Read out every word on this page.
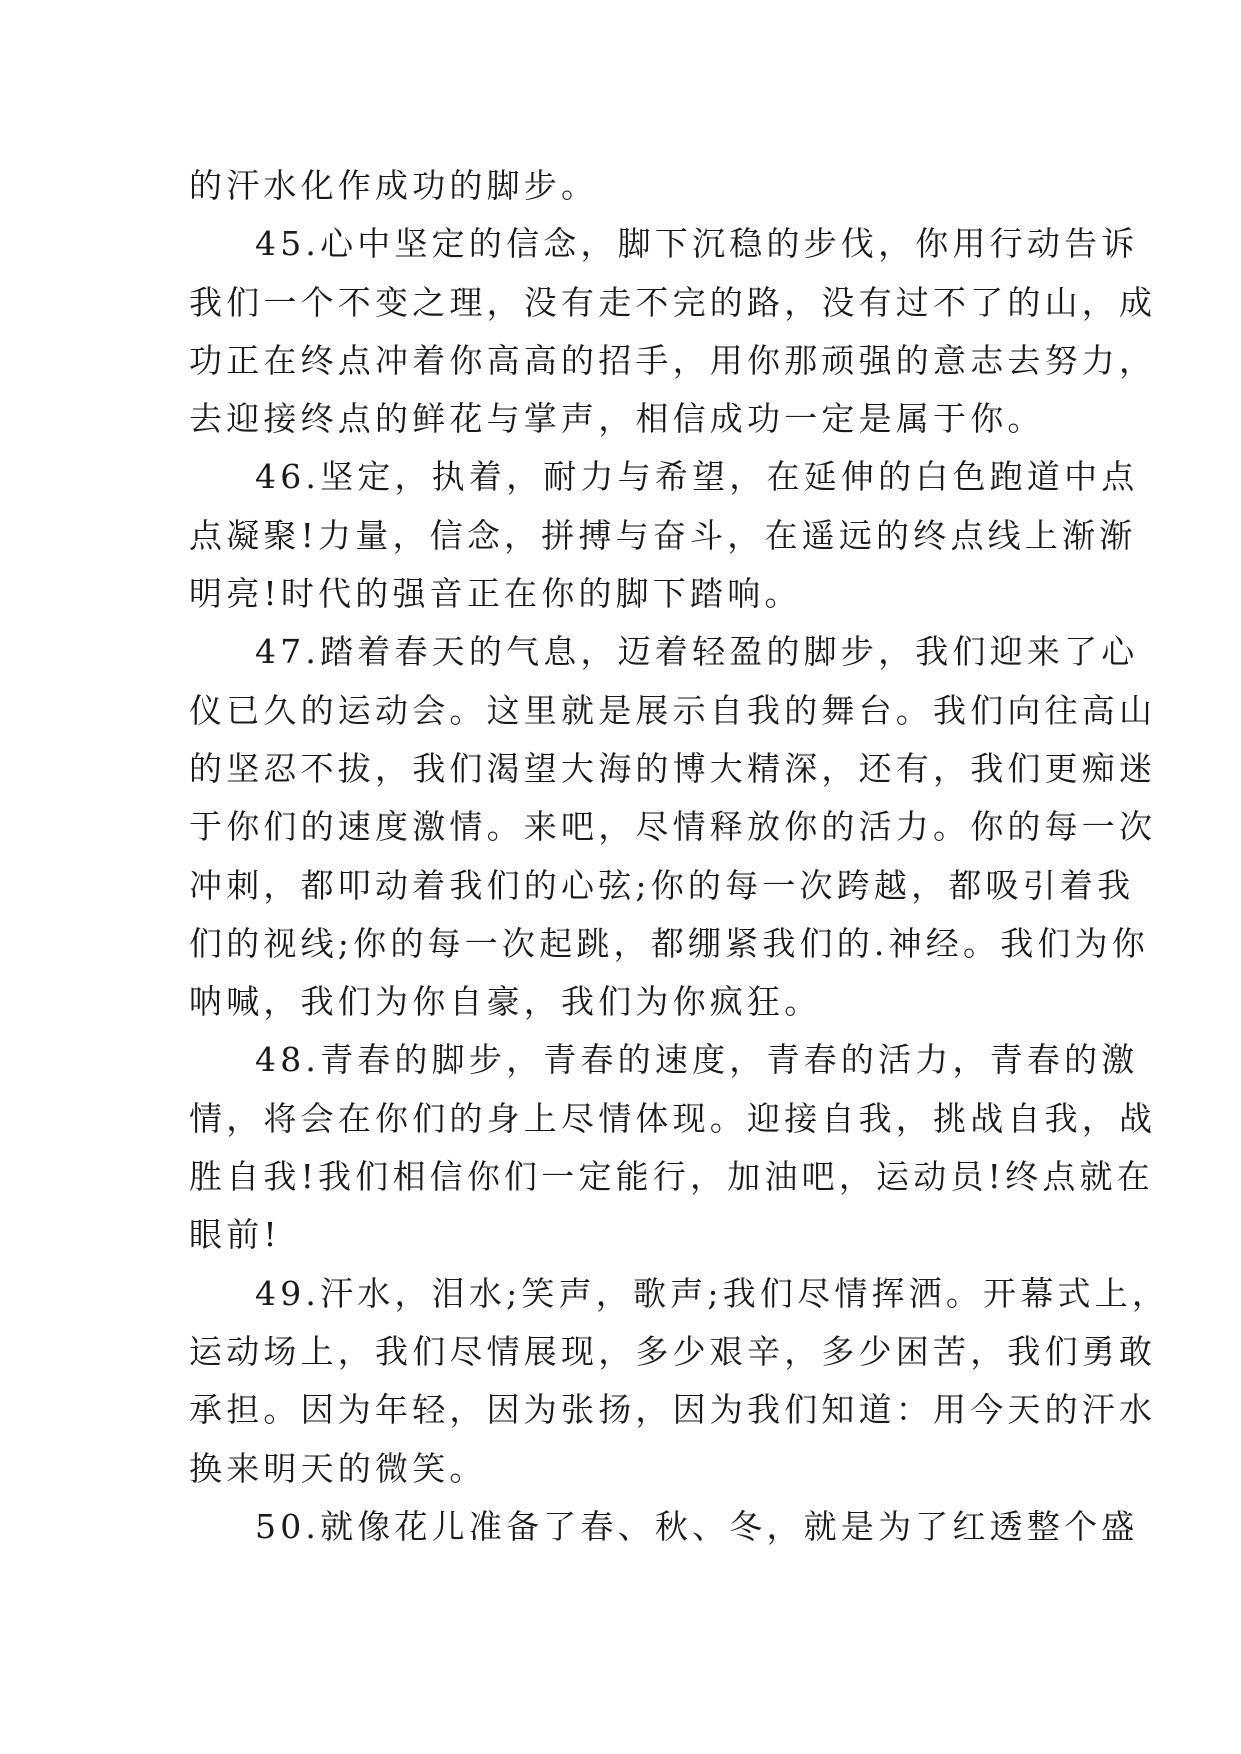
的汗水化作成功的脚步。
45.心中坚定的信念，脚下沉稳的步伐，你用行动告诉
我们一个不变之理，没有走不完的路，没有过不了的山，成
功正在终点冲着你高高的招手，用你那顽强的意志去努力，
去迎接终点的鲜花与掌声，相信成功一定是属于你。
46.坚定，执着，耐力与希望，在延伸的白色跑道中点
点凝聚!力量，信念，拼搏与奋斗，在遥远的终点线上渐渐
明亮!时代的强音正在你的脚下踏响。
47.踏着春天的气息，迈着轻盈的脚步，我们迎来了心
仪已久的运动会。这里就是展示自我的舞台。我们向往高山
的坚忍不拔，我们渴望大海的博大精深，还有，我们更痴迷
于你们的速度激情。来吧，尽情释放你的活力。你的每一次
冲刺，都叩动着我们的心弦;你的每一次跨越，都吸引着我
们的视线;你的每一次起跳，都绷紧我们的.神经。我们为你
呐喊，我们为你自豪，我们为你疯狂。
48.青春的脚步，青春的速度，青春的活力，青春的激
情，将会在你们的身上尽情体现。迎接自我，挑战自我，战
胜自我!我们相信你们一定能行，加油吧，运动员!终点就在
眼前!
49.汗水，泪水;笑声，歌声;我们尽情挥洒。开幕式上，
运动场上，我们尽情展现，多少艰辛，多少困苦，我们勇敢
承担。因为年轻，因为张扬，因为我们知道：用今天的汗水
换来明天的微笑。
50.就像花儿准备了春、秋、冬，就是为了红透整个盛
